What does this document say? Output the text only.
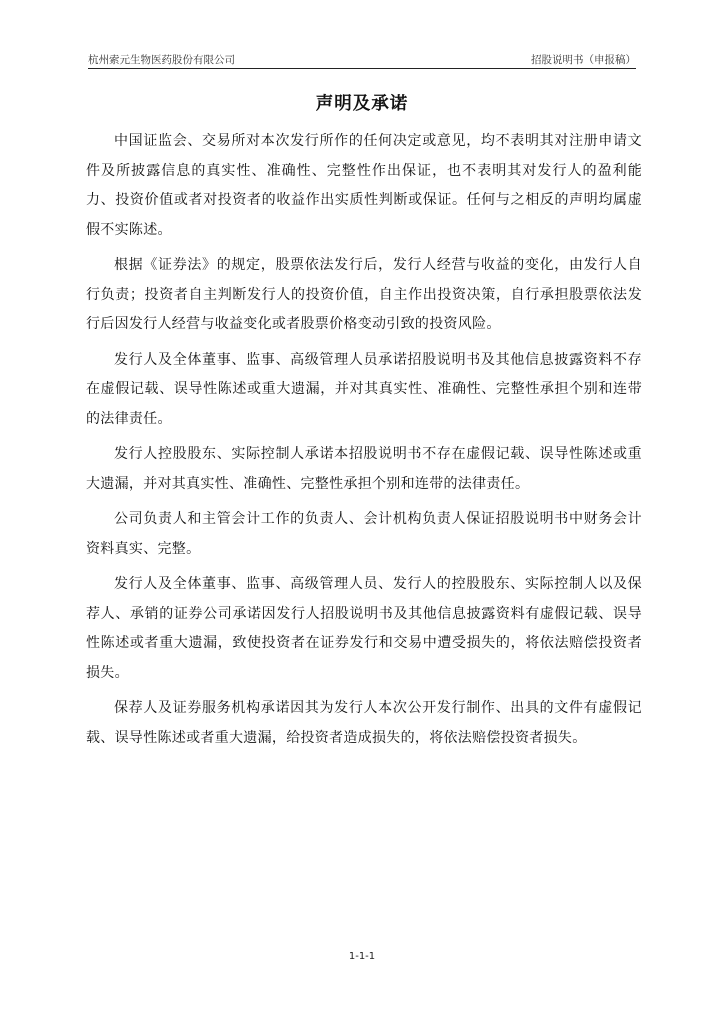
杭州索元生物医药股份有限公司	招股说明书（申报稿）
声明及承诺

中国证监会、交易所对本次发行所作的任何决定或意见，均不表明其对注册申请文件及所披露信息的真实性、准确性、完整性作出保证，也不表明其对发行人的盈利能力、投资价值或者对投资者的收益作出实质性判断或保证。任何与之相反的声明均属虚假不实陈述。

根据《证券法》的规定，股票依法发行后，发行人经营与收益的变化，由发行人自行负责；投资者自主判断发行人的投资价值，自主作出投资决策，自行承担股票依法发行后因发行人经营与收益变化或者股票价格变动引致的投资风险。

发行人及全体董事、监事、高级管理人员承诺招股说明书及其他信息披露资料不存在虚假记载、误导性陈述或重大遗漏，并对其真实性、准确性、完整性承担个别和连带的法律责任。

发行人控股股东、实际控制人承诺本招股说明书不存在虚假记载、误导性陈述或重大遗漏，并对其真实性、准确性、完整性承担个别和连带的法律责任。

公司负责人和主管会计工作的负责人、会计机构负责人保证招股说明书中财务会计资料真实、完整。

发行人及全体董事、监事、高级管理人员、发行人的控股股东、实际控制人以及保荐人、承销的证券公司承诺因发行人招股说明书及其他信息披露资料有虚假记载、误导性陈述或者重大遗漏，致使投资者在证券发行和交易中遭受损失的，将依法赔偿投资者损失。

保荐人及证券服务机构承诺因其为发行人本次公开发行制作、出具的文件有虚假记载、误导性陈述或者重大遗漏，给投资者造成损失的，将依法赔偿投资者损失。

1-1-1
